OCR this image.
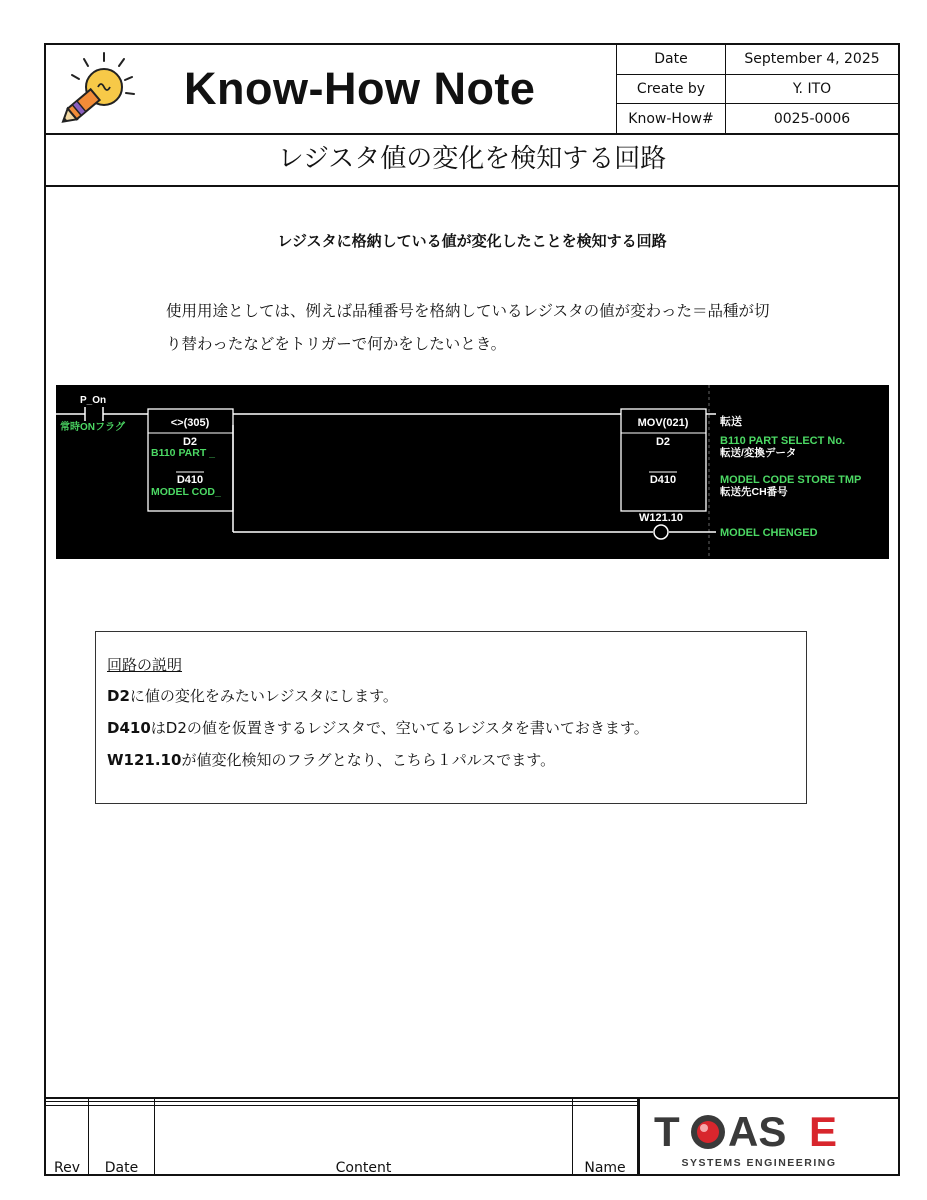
Know-How Note
Date	September 4, 2025
Create by	Y. ITO
Know-How#	0025-0006
レジスタ値の変化を検知する回路
レジスタに格納している値が変化したことを検知する回路
使用用途としては、例えば品種番号を格納しているレジスタの値が変わった＝品種が切
り替わったなどをトリガーで何かをしたいとき。
P_On
常時ONフラグ	<>(305)
D2
B110 PART _
D410
MODEL COD_
MOV(021)
D2
D410
W121.10
転送
B110 PART SELECT No.
転送/変換データ
MODEL CODE STORE TMP
転送先CH番号
MODEL CHENGED
回路の説明

D2に値の変化をみたいレジスタにします。

D410はD2の値を仮置きするレジスタで、空いてるレジスタを書いておきます。

W121.10が値変化検知のフラグとなり、こちら１パルスでます。

Rev	Date	Content	Name
T AS E
SYSTEMS ENGINEERING
